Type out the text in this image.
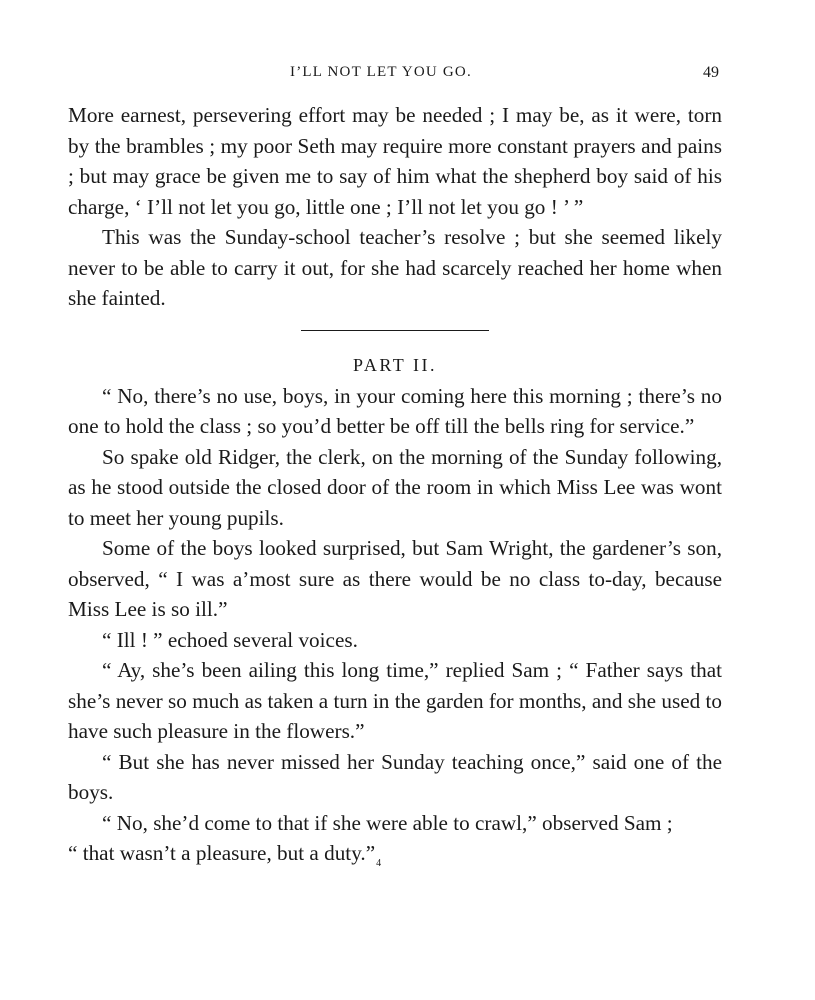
I’LL NOT LET YOU GO.	49

More earnest, persevering effort may be needed ; I may be, as it were, torn by the brambles ; my poor Seth may require more constant prayers and pains ; but may grace be given me to say of him what the shepherd boy said of his charge, ‘ I’ll not let you go, little one ; I’ll not let you go ! ’ ”

This was the Sunday-school teacher’s resolve ; but she seemed likely never to be able to carry it out, for she had scarcely reached her home when she fainted.

PART II.

“ No, there’s no use, boys, in your coming here this morning ; there’s no one to hold the class ; so you’d better be off till the bells ring for service.”

So spake old Ridger, the clerk, on the morning of the Sunday following, as he stood outside the closed door of the room in which Miss Lee was wont to meet her young pupils.

Some of the boys looked surprised, but Sam Wright, the gardener’s son, observed, “ I was a’most sure as there would be no class to-day, because Miss Lee is so ill.”

“ Ill ! ” echoed several voices.

“ Ay, she’s been ailing this long time,” replied Sam ; “ Father says that she’s never so much as taken a turn in the garden for months, and she used to have such pleasure in the flowers.”

“ But she has never missed her Sunday teaching once,” said one of the boys.

“ No, she’d come to that if she were able to crawl,” observed Sam ;

“ that wasn’t a pleasure, but a $duty.”_4$
